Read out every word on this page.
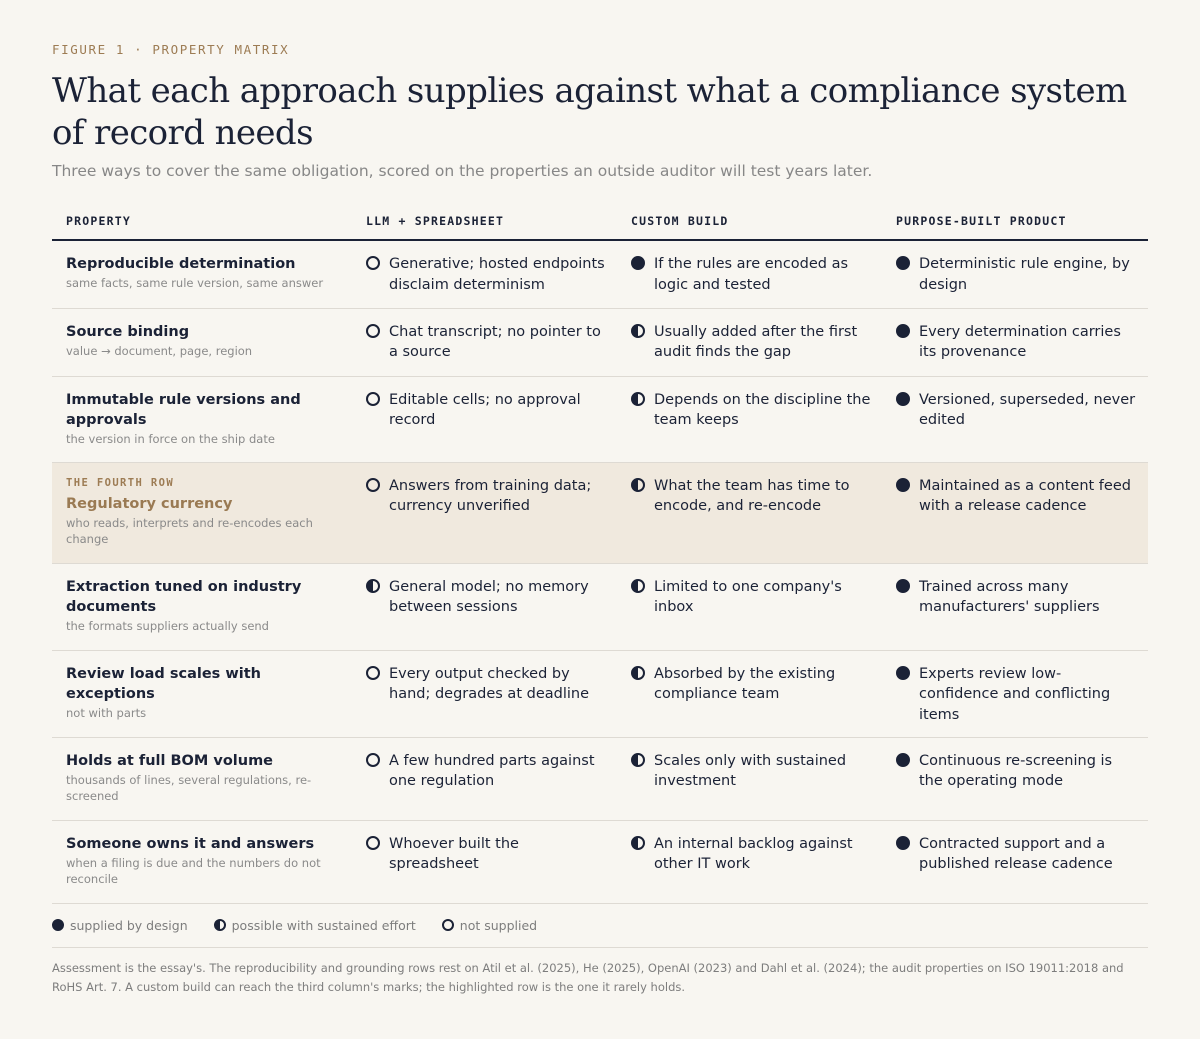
FIGURE 1 · PROPERTY MATRIX
What each approach supplies against what a compliance system of record needs
Three ways to cover the same obligation, scored on the properties an outside auditor will test years later.
PROPERTY	LLM + SPREADSHEET	CUSTOM BUILD	PURPOSE-BUILT PRODUCT

Reproducible determination
same facts, same rule version, same answer	Generative; hosted endpoints disclaim determinism	If the rules are encoded as logic and tested	Deterministic rule engine, by design

Source binding
value → document, page, region	Chat transcript; no pointer to a source	Usually added after the first audit finds the gap	Every determination carries its provenance

Immutable rule versions and approvals
the version in force on the ship date	Editable cells; no approval record	Depends on the discipline the team keeps	Versioned, superseded, never edited

THE FOURTH ROW
Regulatory currency
who reads, interprets and re-encodes each change	Answers from training data; currency unverified	What the team has time to encode, and re-encode	Maintained as a content feed with a release cadence

Extraction tuned on industry documents
the formats suppliers actually send	General model; no memory between sessions	Limited to one company's inbox	Trained across many manufacturers' suppliers

Review load scales with exceptions
not with parts	Every output checked by hand; degrades at deadline	Absorbed by the existing compliance team	Experts review low-confidence and conflicting items

Holds at full BOM volume
thousands of lines, several regulations, re-screened	A few hundred parts against one regulation	Scales only with sustained investment	Continuous re-screening is the operating mode

Someone owns it and answers
when a filing is due and the numbers do not reconcile	Whoever built the spreadsheet	An internal backlog against other IT work	Contracted support and a published release cadence
supplied by design	possible with sustained effort	not supplied
Assessment is the essay's. The reproducibility and grounding rows rest on Atil et al. (2025), He (2025), OpenAI (2023) and Dahl et al. (2024); the audit properties on ISO 19011:2018 and RoHS Art. 7. A custom build can reach the third column's marks; the highlighted row is the one it rarely holds.
